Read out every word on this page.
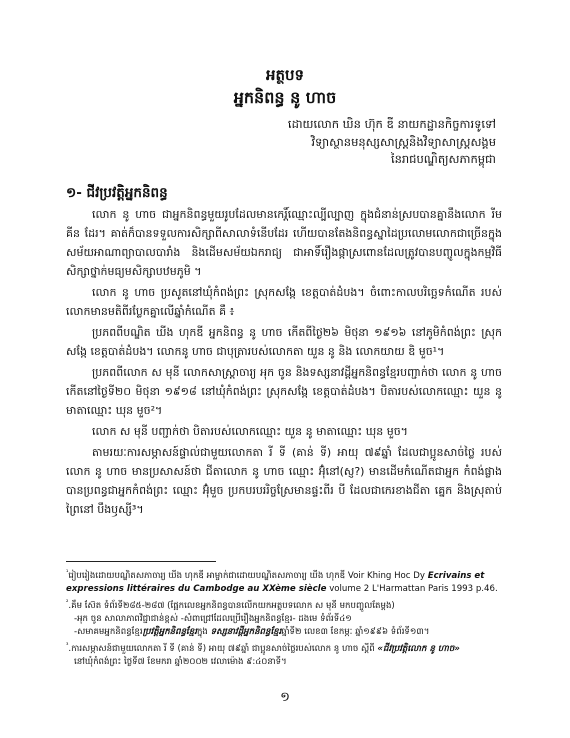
អត្ថបទ
អ្នកនិពន្ធ នូ ហាច
ដោយលោក ឃិន ហ៊ុក ឌី នាយកដ្ឋានកិច្ចការទូទៅ
វិទ្យាស្ថានមនុស្សសាស្ត្រនិងវិទ្យាសាស្ត្រសង្គម
នៃរាជបណ្ឌិត្យសភាកម្ពុជា
១- ជីវប្រវត្តិអ្នកនិពន្ធ

លោក នូ ហាច ជាអ្នកនិពន្ធមួយរូបដែលមានកេរ្តិ៍ឈ្មោះល្បីល្បាញ ក្នុងជំនាន់ស្របបានគ្នានឹងលោក រីម គីន ដែរ។ គាត់ក៏បានទទួលការសិក្សាពីសាលាទំនើបដែរ ហើយបានតែងនិពន្ធស្នាដៃប្រលោមលោកជាច្រើនក្នុងសម័យអាណាព្យាបាលបារាំង និងដើមសម័យឯករាជ្យ ជាអាទិ៍រឿងផ្កាស្រពោនដែលត្រូវបានបញ្ចូលក្នុងកម្មវិធីសិក្សាថ្នាក់មធ្យមសិក្សាបឋមភូមិ ។

លោក នូ ហាច ប្រសូតនៅឃុំកំពង់ព្រះ ស្រុកសង្កែ ខេត្តបាត់ដំបង។ ចំពោះកាលបរិច្ឆេទកំណើត របស់លោកមានមតិពីរប្លែកគ្នាលើឆ្នាំកំណើត គឺ ៖

ប្រភពពីបណ្ឌិត ឃីង ហុកឌី អ្នកនិពន្ធ នូ ហាច កើតពីថ្ងៃ២៦ មិថុនា ១៩១៦ នៅភូមិកំពង់ព្រះ ស្រុកសង្កែ ខេត្តបាត់ដំបង។ លោកនូ ហាច ជាបុត្រារបស់លោកតា យួន នូ និង លោកយាយ ឌិ មួច¹។

ប្រភពពីលោក ស មុនី លោកសាស្ត្រាចារ្យ អុក ចូន និងទស្សនាវដ្តីអ្នកនិពន្ធខ្មែរបញ្ជាក់ថា លោក នូ ហាច កើតនៅថ្ងៃទី២០ មិថុនា ១៩១៨ នៅឃុំកំពង់ព្រះ ស្រុកសង្កែ ខេត្តបាត់ដំបង។ បិតារបស់លោកឈ្មោះ យួន នូ មាតាឈ្មោះ ឃុន មួច²។

លោក ស មុនី បញ្ជាក់ថា បិតារបស់លោកឈ្មោះ យួន នូ មាតាឈ្មោះ ឃុន មួច។

តាមរយៈការសម្ភាសន៍ផ្ទាល់ជាមួយលោកតា រី ទី (គាន់ ទី) អាយុ ៧៩ឆ្នាំ ដែលជាប្អូនសាច់ថ្លៃ របស់លោក នូ ហាច មានប្រសាសន៍ថា ជីតាលោក នូ ហាច ឈ្មោះ អ៊ុំនៅ(ស្ញ?) មានដើមកំណើតជាអ្នក កំពង់ផ្លាង បានប្រពន្ធជាអ្នកកំពង់ព្រះ ឈ្មោះ អ៊ុំមួច ប្រកបរបររិច្ចស្រែមានផ្ទះពីរ បី ដែលជាកេរខាងជីតា គ្នេក និងស្រុតាប់ព្រៃនៅ បឹងឫស្សី³។

$^{^1}$រៀបរៀងដោយបណ្ឌិតសភាចារ្យ ឃីង ហុកឌី អាម្ចាក់ជាដោយបណ្ឌិតសភាចារ្យ ឃីង ហុកឌី Voir Khing Hoc Dy Ecrivains et expressions littéraires du Cambodge au XXème siècle volume 2 L'Harmattan Paris 1993 p.46.

$^{^2}$.គឹម ស៊ែត ទំព័រទី២៨៥-២៨៧ (ផ្អែកលេខអ្នកនិពន្ធបានលើកយកអត្ថបទលោក ស មុនី មកបញ្ចូលតែម្ដង)

-អុក ចូន សាលាភាពវិជ្ជាជាន់ខ្ពស់ -សំពាជ្រៅដែលប្រើរឿងអ្នកនិពន្ធខ្មែរ- ដងមេ ទំព័រទី៤១

-សមាគមអ្នកនិពន្ធខ្មែរប្រវត្តិអ្នកនិពន្ធខ្មែរក្នុង ទស្សនាវដ្តីអ្នកនិពន្ធខ្មែរឆ្នាំទី២ លេខ៣ ខែកម្ភៈ ឆ្នាំ១៩៩៦ ទំព័រទី១៣។

$^{^3}$.ការសម្ភាសន៍ជាមួយលោកតា រី ទី (គាន់ ទី) អាយុ ៧៩ឆ្នាំ ជាប្អូនសាច់ថ្លៃរបស់លោក នូ ហាច ស្ដីពី «ជីវប្រវត្តិលោក នូ ហាច»

នៅឃុំកំពង់ព្រះ ថ្ងៃទី៧ ខែមករា ឆ្នាំ២០០២ វេលាម៉ោង ៩:៤០នាទី។

១
